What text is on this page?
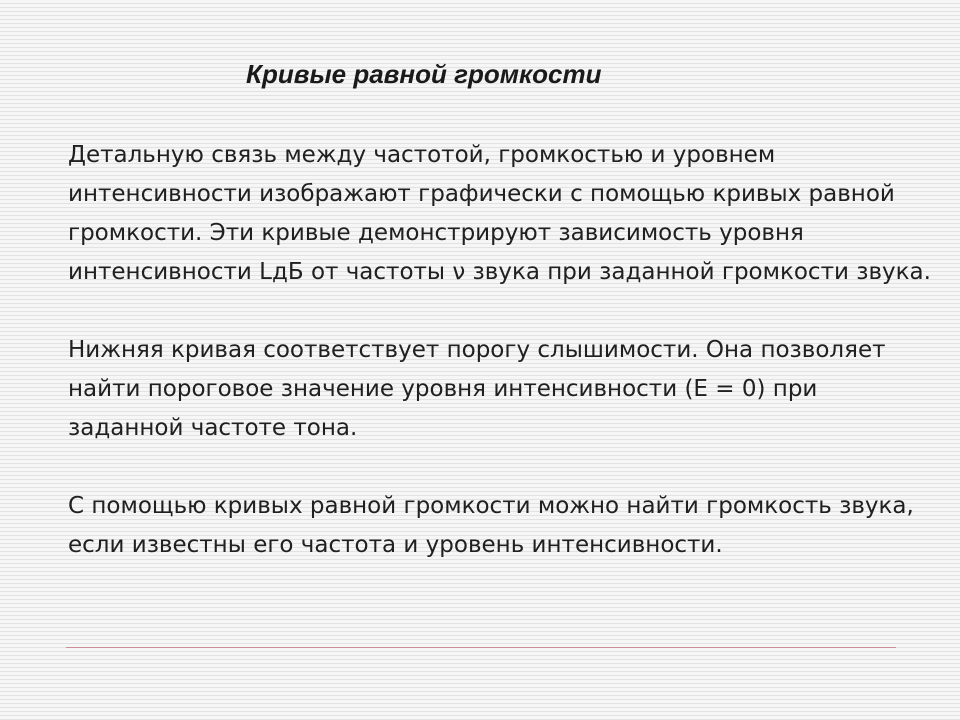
Кривые равной громкости

Детальную связь между частотой, громкостью и уровнем интенсивности изображают графически с помощью кривых равной громкости. Эти кривые демонстрируют зависимость уровня интенсивности LдБ от частоты ν звука при заданной громкости звука.

Нижняя кривая соответствует порогу слышимости. Она позволяет найти пороговое значение уровня интенсивности (E = 0) при заданной частоте тона.

С помощью кривых равной громкости можно найти громкость звука, если известны его частота и уровень интенсивности.
